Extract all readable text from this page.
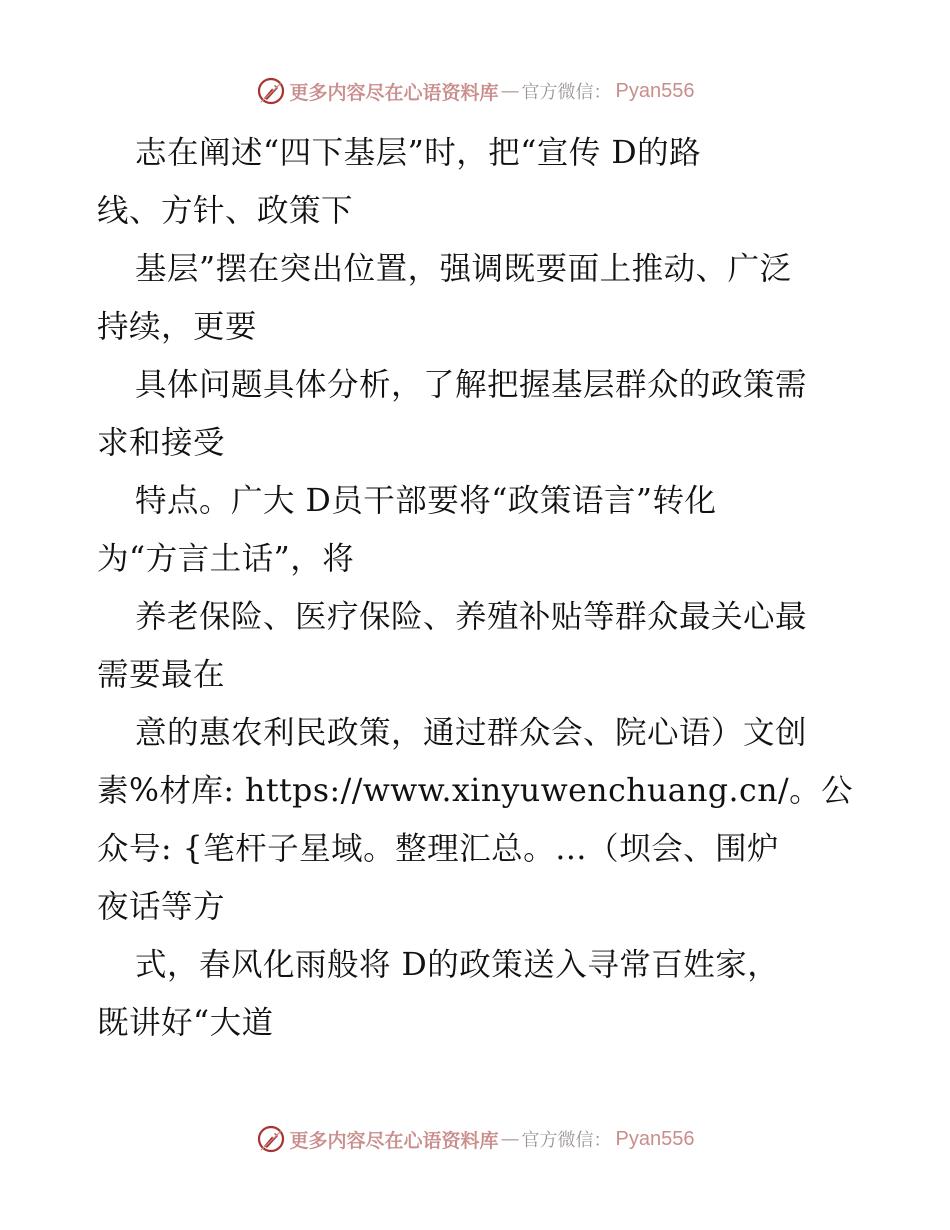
更多内容尽在心语资料库 — 官方微信： Pyan556
志在阐述“四下基层”时，把“宣传 D的路
线、方针、政策下
基层”摆在突出位置，强调既要面上推动、广泛
持续，更要
具体问题具体分析，了解把握基层群众的政策需
求和接受
特点。广大 D员干部要将“政策语言”转化
为“方言土话”，将
养老保险、医疗保险、养殖补贴等群众最关心最
需要最在
意的惠农利民政策，通过群众会、院心语）文创
素%材库: https://www.xinyuwenchuang.cn/。公
众号: {笔杆子星域。整理汇总。…（坝会、围炉
夜话等方
式，春风化雨般将 D的政策送入寻常百姓家，
既讲好“大道
更多内容尽在心语资料库 — 官方微信： Pyan556
